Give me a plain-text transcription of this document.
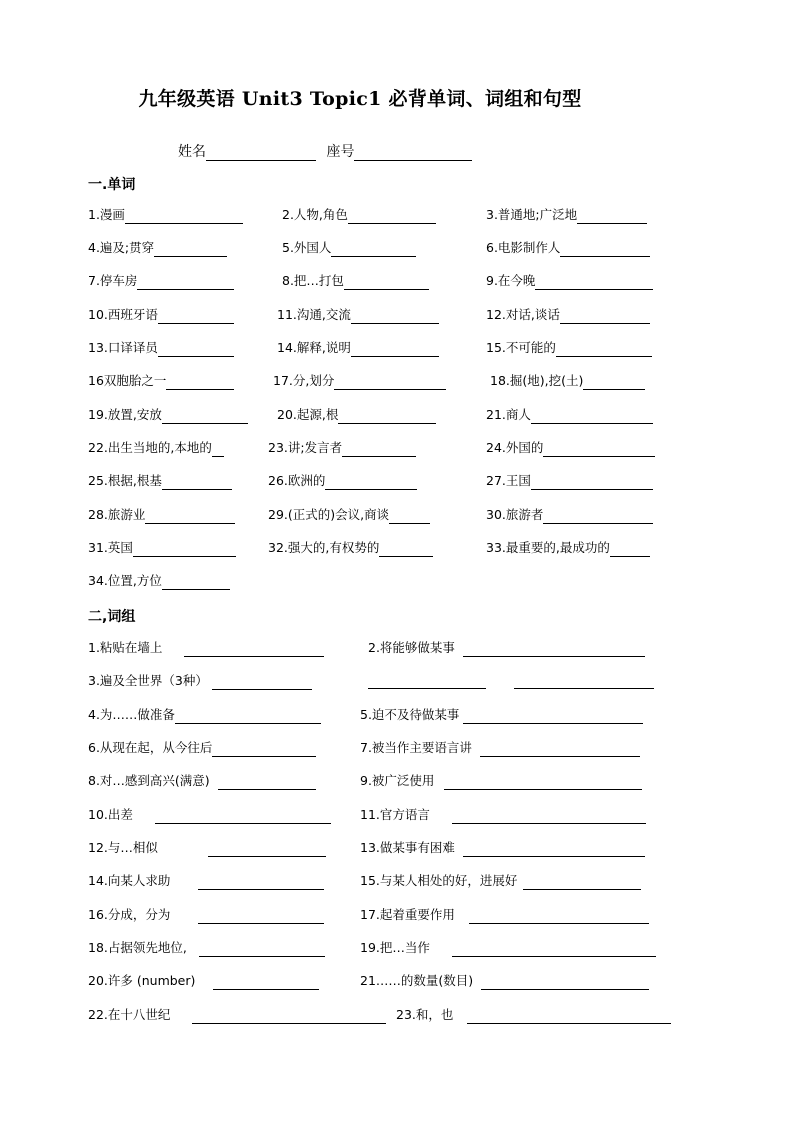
九年级英语 Unit3 Topic1 必背单词、词组和句型
姓名	座号
一.单词
1.漫画	2.人物,角色	3.普通地;广泛地
4.遍及;贯穿	5.外国人	6.电影制作人
7.停车房	8.把…打包	9.在今晚
10.西班牙语	11.沟通,交流	12.对话,谈话
13.口译译员	14.解释,说明	15.不可能的
16双胞胎之一	17.分,划分	18.掘(地),挖(土)
19.放置,安放	20.起源,根	21.商人
22.出生当地的,本地的	23.讲;发言者	24.外国的
25.根据,根基	26.欧洲的	27.王国
28.旅游业	29.(正式的)会议,商谈	30.旅游者
31.英国	32.强大的,有权势的	33.最重要的,最成功的
34.位置,方位
二,词组
1.粘贴在墙上	2.将能够做某事
3.遍及全世界（3种）
4.为……做准备	5.迫不及待做某事
6.从现在起，从今往后	7.被当作主要语言讲
8.对…感到高兴(满意)	9.被广泛使用
10.出差	11.官方语言
12.与…相似	13.做某事有困难
14.向某人求助	15.与某人相处的好，进展好
16.分成，分为	17.起着重要作用
18.占据领先地位,	19.把…当作
20.许多 (number)	21……的数量(数目)
22.在十八世纪	23.和，也
